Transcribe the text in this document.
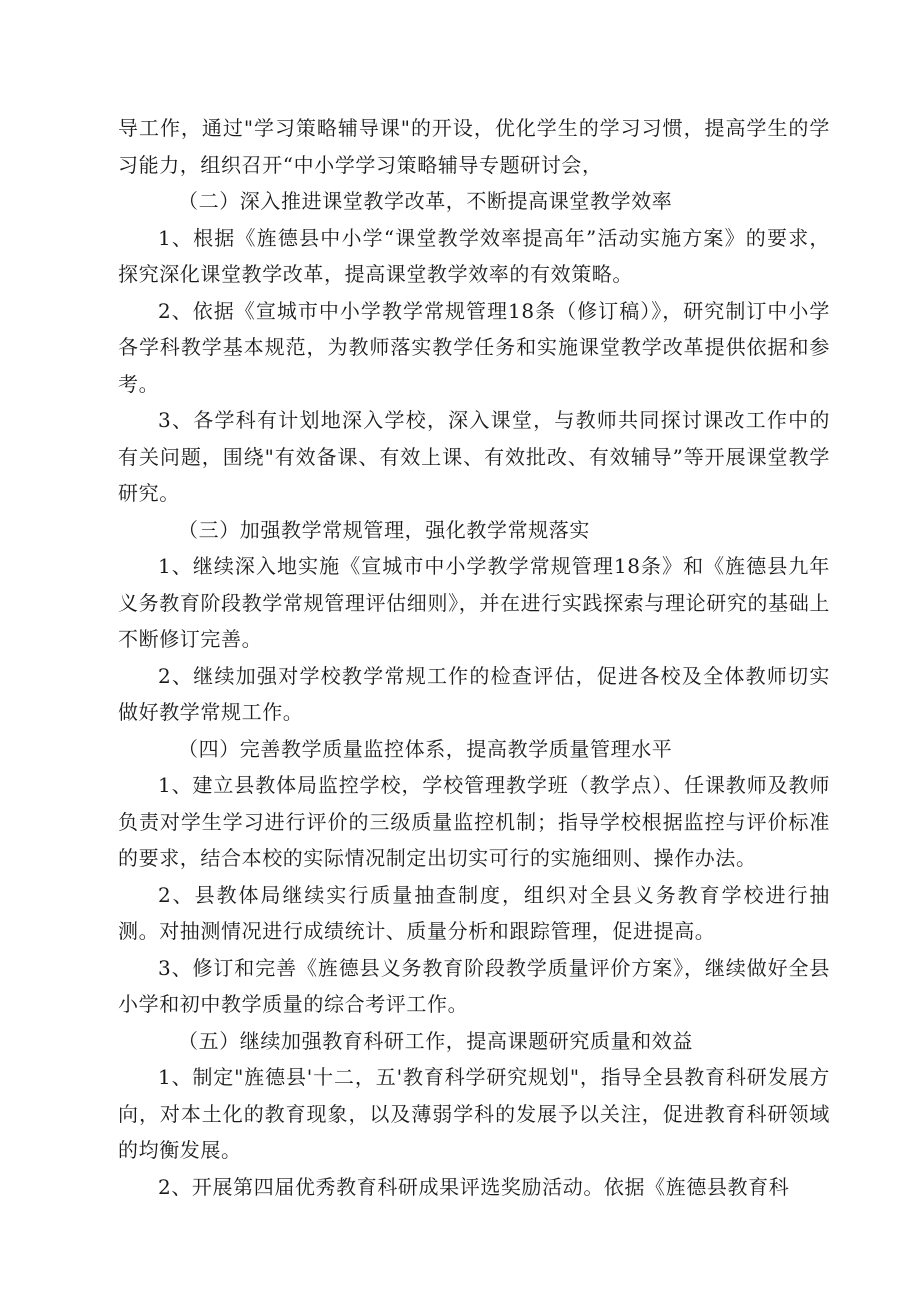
导工作，通过"学习策略辅导课"的开设，优化学生的学习习惯，提高学生的学习能力，组织召开“中小学学习策略辅导专题研讨会，

（二）深入推进课堂教学改革，不断提高课堂教学效率

1、根据《旌德县中小学“课堂教学效率提高年”活动实施方案》的要求，探究深化课堂教学改革，提高课堂教学效率的有效策略。

2、依据《宣城市中小学教学常规管理18条（修订稿）》，研究制订中小学各学科教学基本规范，为教师落实教学任务和实施课堂教学改革提供依据和参考。

3、各学科有计划地深入学校，深入课堂，与教师共同探讨课改工作中的有关问题，围绕"有效备课、有效上课、有效批改、有效辅导”等开展课堂教学研究。

（三）加强教学常规管理，强化教学常规落实

1、继续深入地实施《宣城市中小学教学常规管理18条》和《旌德县九年义务教育阶段教学常规管理评估细则》，并在进行实践探索与理论研究的基础上不断修订完善。

2、继续加强对学校教学常规工作的检查评估，促进各校及全体教师切实做好教学常规工作。

（四）完善教学质量监控体系，提高教学质量管理水平

1、建立县教体局监控学校，学校管理教学班（教学点）、任课教师及教师负责对学生学习进行评价的三级质量监控机制；指导学校根据监控与评价标准的要求，结合本校的实际情况制定出切实可行的实施细则、操作办法。

2、县教体局继续实行质量抽查制度，组织对全县义务教育学校进行抽测。对抽测情况进行成绩统计、质量分析和跟踪管理，促进提高。

3、修订和完善《旌德县义务教育阶段教学质量评价方案》，继续做好全县小学和初中教学质量的综合考评工作。

（五）继续加强教育科研工作，提高课题研究质量和效益

1、制定"旌德县'十二，五'教育科学研究规划"，指导全县教育科研发展方向，对本土化的教育现象，以及薄弱学科的发展予以关注，促进教育科研领域的均衡发展。

2、开展第四届优秀教育科研成果评选奖励活动。依据《旌德县教育科
